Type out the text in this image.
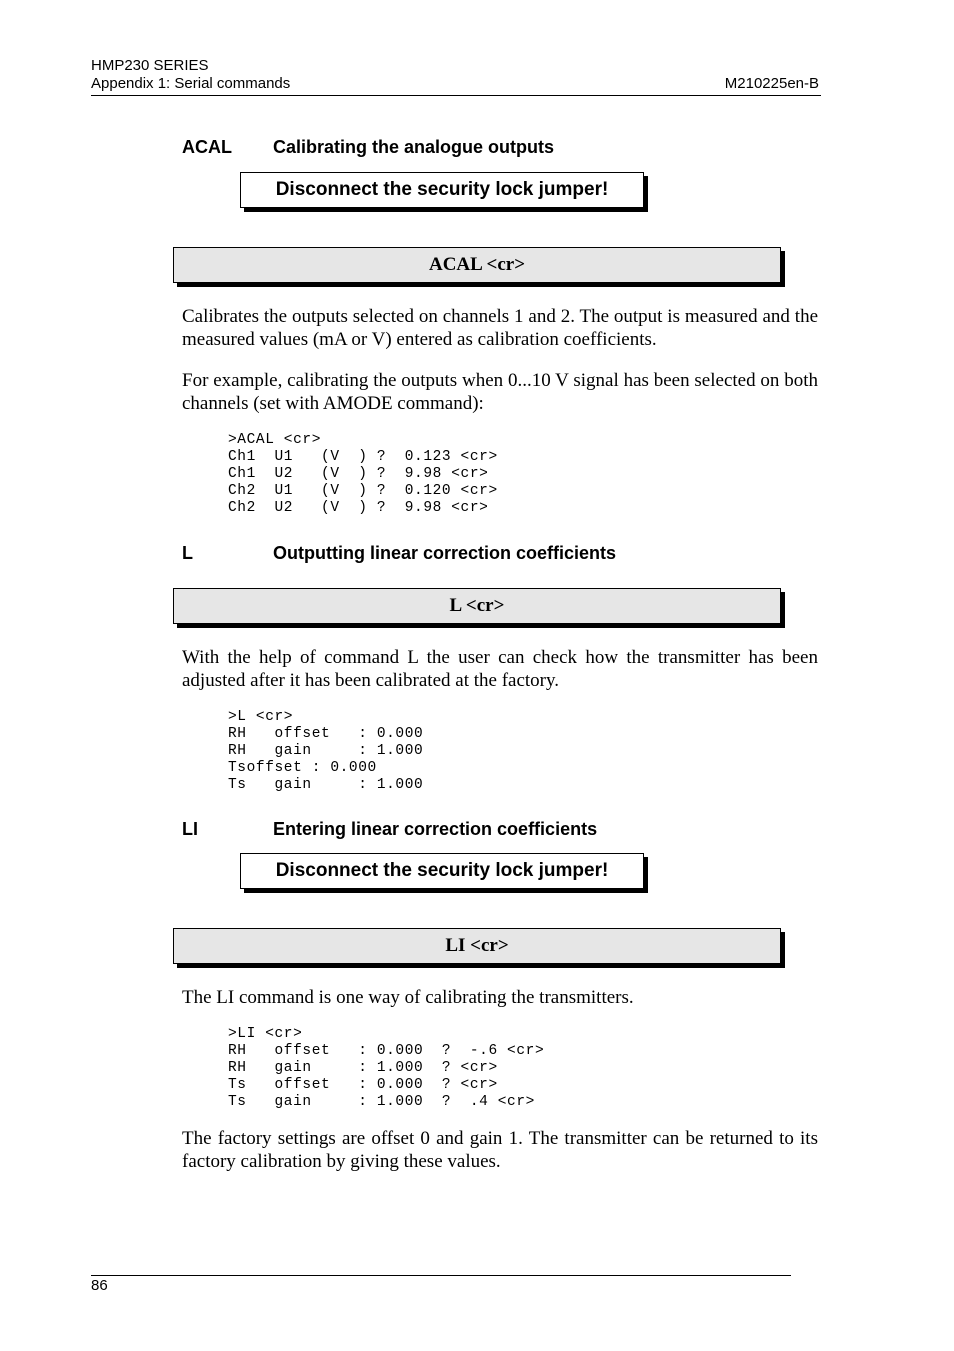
HMP230 SERIES
Appendix 1: Serial commands	M210225en-B
ACAL Calibrating the analogue outputs
Disconnect the security lock jumper!
ACAL <cr>

Calibrates the outputs selected on channels 1 and 2. The output is measured and the measured values (mA or V) entered as calibration coefficients.

For example, calibrating the outputs when 0...10 V signal has been selected on both channels (set with AMODE command):

>ACAL <cr>
Ch1  U1   (V  ) ?  0.123 <cr>
Ch1  U2   (V  ) ?  9.98 <cr>
Ch2  U1   (V  ) ?  0.120 <cr>
Ch2  U2   (V  ) ?  9.98 <cr>
L	Outputting linear correction coefficients
L <cr>

With the help of command L the user can check how the transmitter has been adjusted after it has been calibrated at the factory.

>L <cr>
RH   offset   : 0.000
RH   gain     : 1.000
Tsoffset : 0.000
Ts   gain     : 1.000
LI	Entering linear correction coefficients
Disconnect the security lock jumper!
LI <cr>

The LI command is one way of calibrating the transmitters.

>LI <cr>
RH   offset   : 0.000  ?  -.6 <cr>
RH   gain     : 1.000  ? <cr>
Ts   offset   : 0.000  ? <cr>
Ts   gain     : 1.000  ?  .4 <cr>

The factory settings are offset 0 and gain 1. The transmitter can be returned to its factory calibration by giving these values.

86
